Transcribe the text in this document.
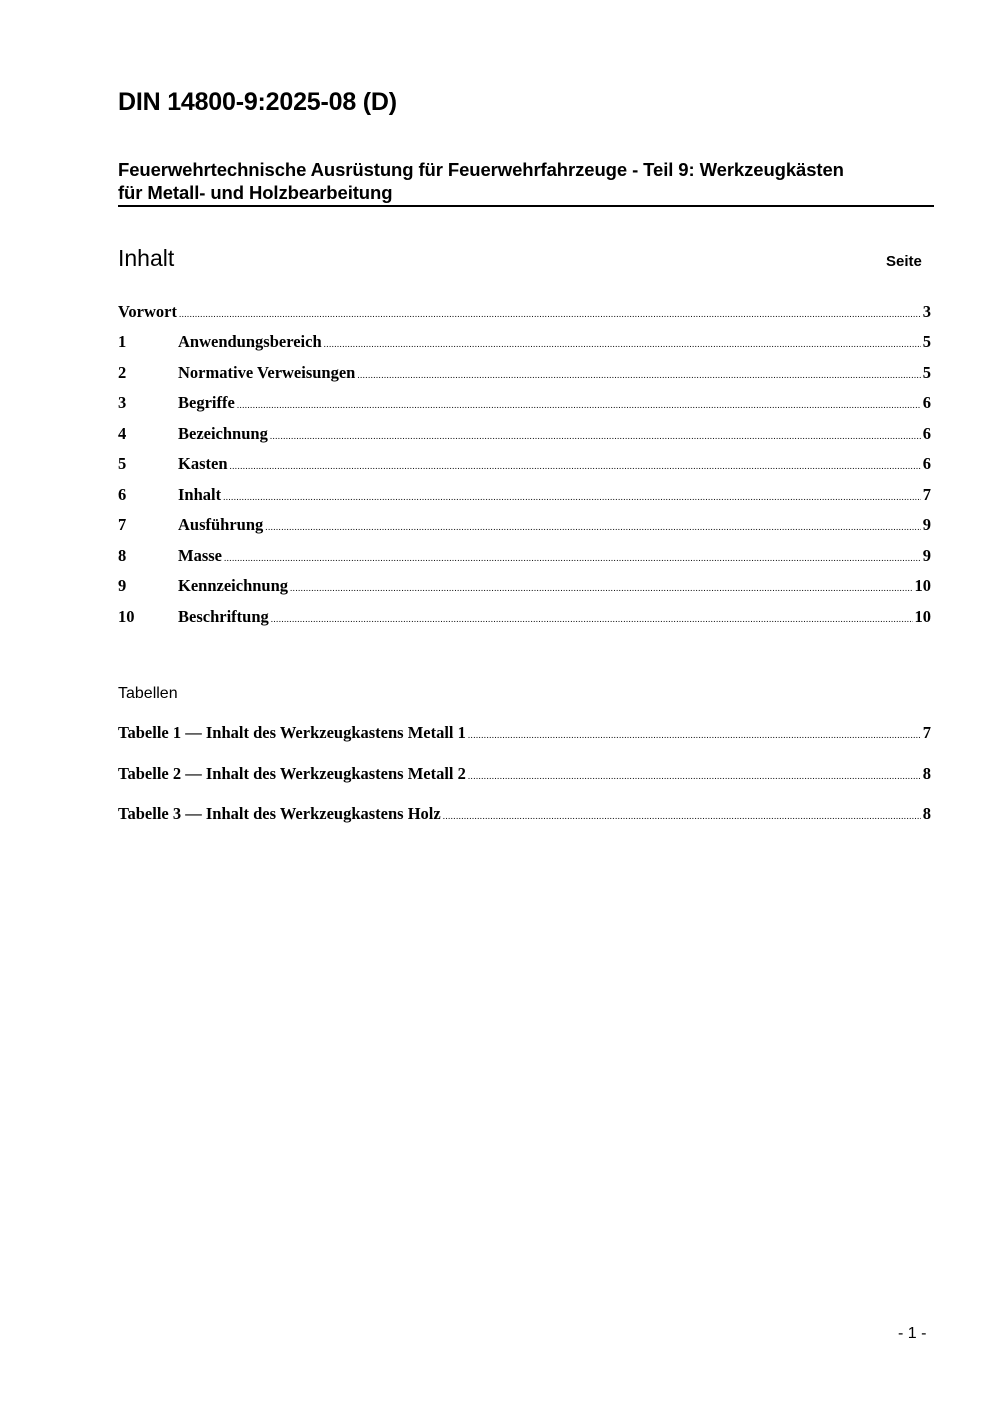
DIN 14800-9:2025-08 (D)
Feuerwehrtechnische Ausrüstung für Feuerwehrfahrzeuge - Teil 9: Werkzeugkästen
für Metall- und Holzbearbeitung
Inhalt	Seite
Vorwort .....	3
1	Anwendungsbereich .....	5
2	Normative Verweisungen .....	5
3	Begriffe .....	6
4	Bezeichnung .....	6
5	Kasten .....	6
6	Inhalt .....	7
7	Ausführung .....	9
8	Masse .....	9
9	Kennzeichnung .....	10
10	Beschriftung .....	10
Tabellen
Tabelle 1 — Inhalt des Werkzeugkastens Metall 1 .....	7
Tabelle 2 — Inhalt des Werkzeugkastens Metall 2 .....	8
Tabelle 3 — Inhalt des Werkzeugkastens Holz .....	8
- 1 -
